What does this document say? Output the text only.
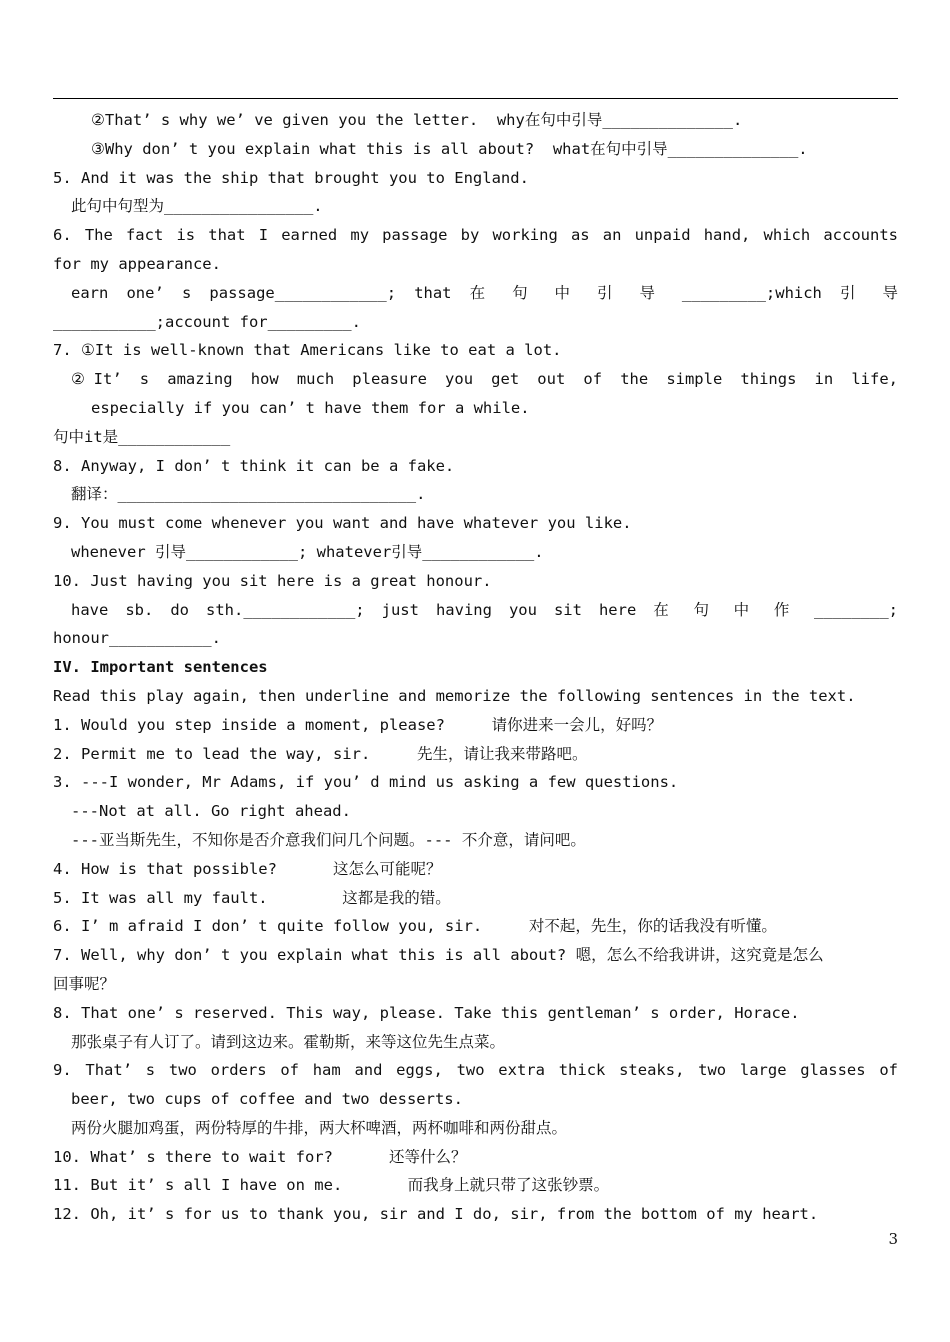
②That’ s why we’ ve given you the letter.  why在句中引导______________.
③Why don’ t you explain what this is all about?  what在句中引导______________.
5. And it was the ship that brought you to England.
此句中句型为________________.
6. The fact is that I earned my passage by working as an unpaid hand, which accounts
for my appearance.
earn one’ s passage____________; that 在 句 中 引 导 _________;which 引 导
___________;account for_________.
7. ①It is well-known that Americans like to eat a lot.
②It’ s amazing how much pleasure you get out of the simple things in life,
especially if you can’ t have them for a while.
句中it是____________
8. Anyway, I don’ t think it can be a fake.
翻译：________________________________.
9. You must come whenever you want and have whatever you like.
whenever 引导____________; whatever引导____________.
10. Just having you sit here is a great honour.
have sb. do sth.____________; just having you sit here 在 句 中 作 ________;
honour___________.
IV. Important sentences
Read this play again, then underline and memorize the following sentences in the text.
1. Would you step inside a moment, please?     请你进来一会儿，好吗？
2. Permit me to lead the way, sir.     先生，请让我来带路吧。
3. ---I wonder, Mr Adams, if you’ d mind us asking a few questions.
---Not at all. Go right ahead.
---亚当斯先生，不知你是否介意我们问几个问题。--- 不介意，请问吧。
4. How is that possible?      这怎么可能呢？
5. It was all my fault.        这都是我的错。
6. I’ m afraid I don’ t quite follow you, sir.     对不起，先生，你的话我没有听懂。
7. Well, why don’ t you explain what this is all about? 嗯，怎么不给我讲讲，这究竟是怎么
回事呢？
8. That one’ s reserved. This way, please. Take this gentleman’ s order, Horace.
那张桌子有人订了。请到这边来。霍勒斯，来等这位先生点菜。
9. That’ s two orders of ham and eggs, two extra thick steaks, two large glasses of
beer, two cups of coffee and two desserts.
两份火腿加鸡蛋，两份特厚的牛排，两大杯啤酒，两杯咖啡和两份甜点。
10. What’ s there to wait for?      还等什么？
11. But it’ s all I have on me.       而我身上就只带了这张钞票。
12. Oh, it’ s for us to thank you, sir and I do, sir, from the bottom of my heart.
3
